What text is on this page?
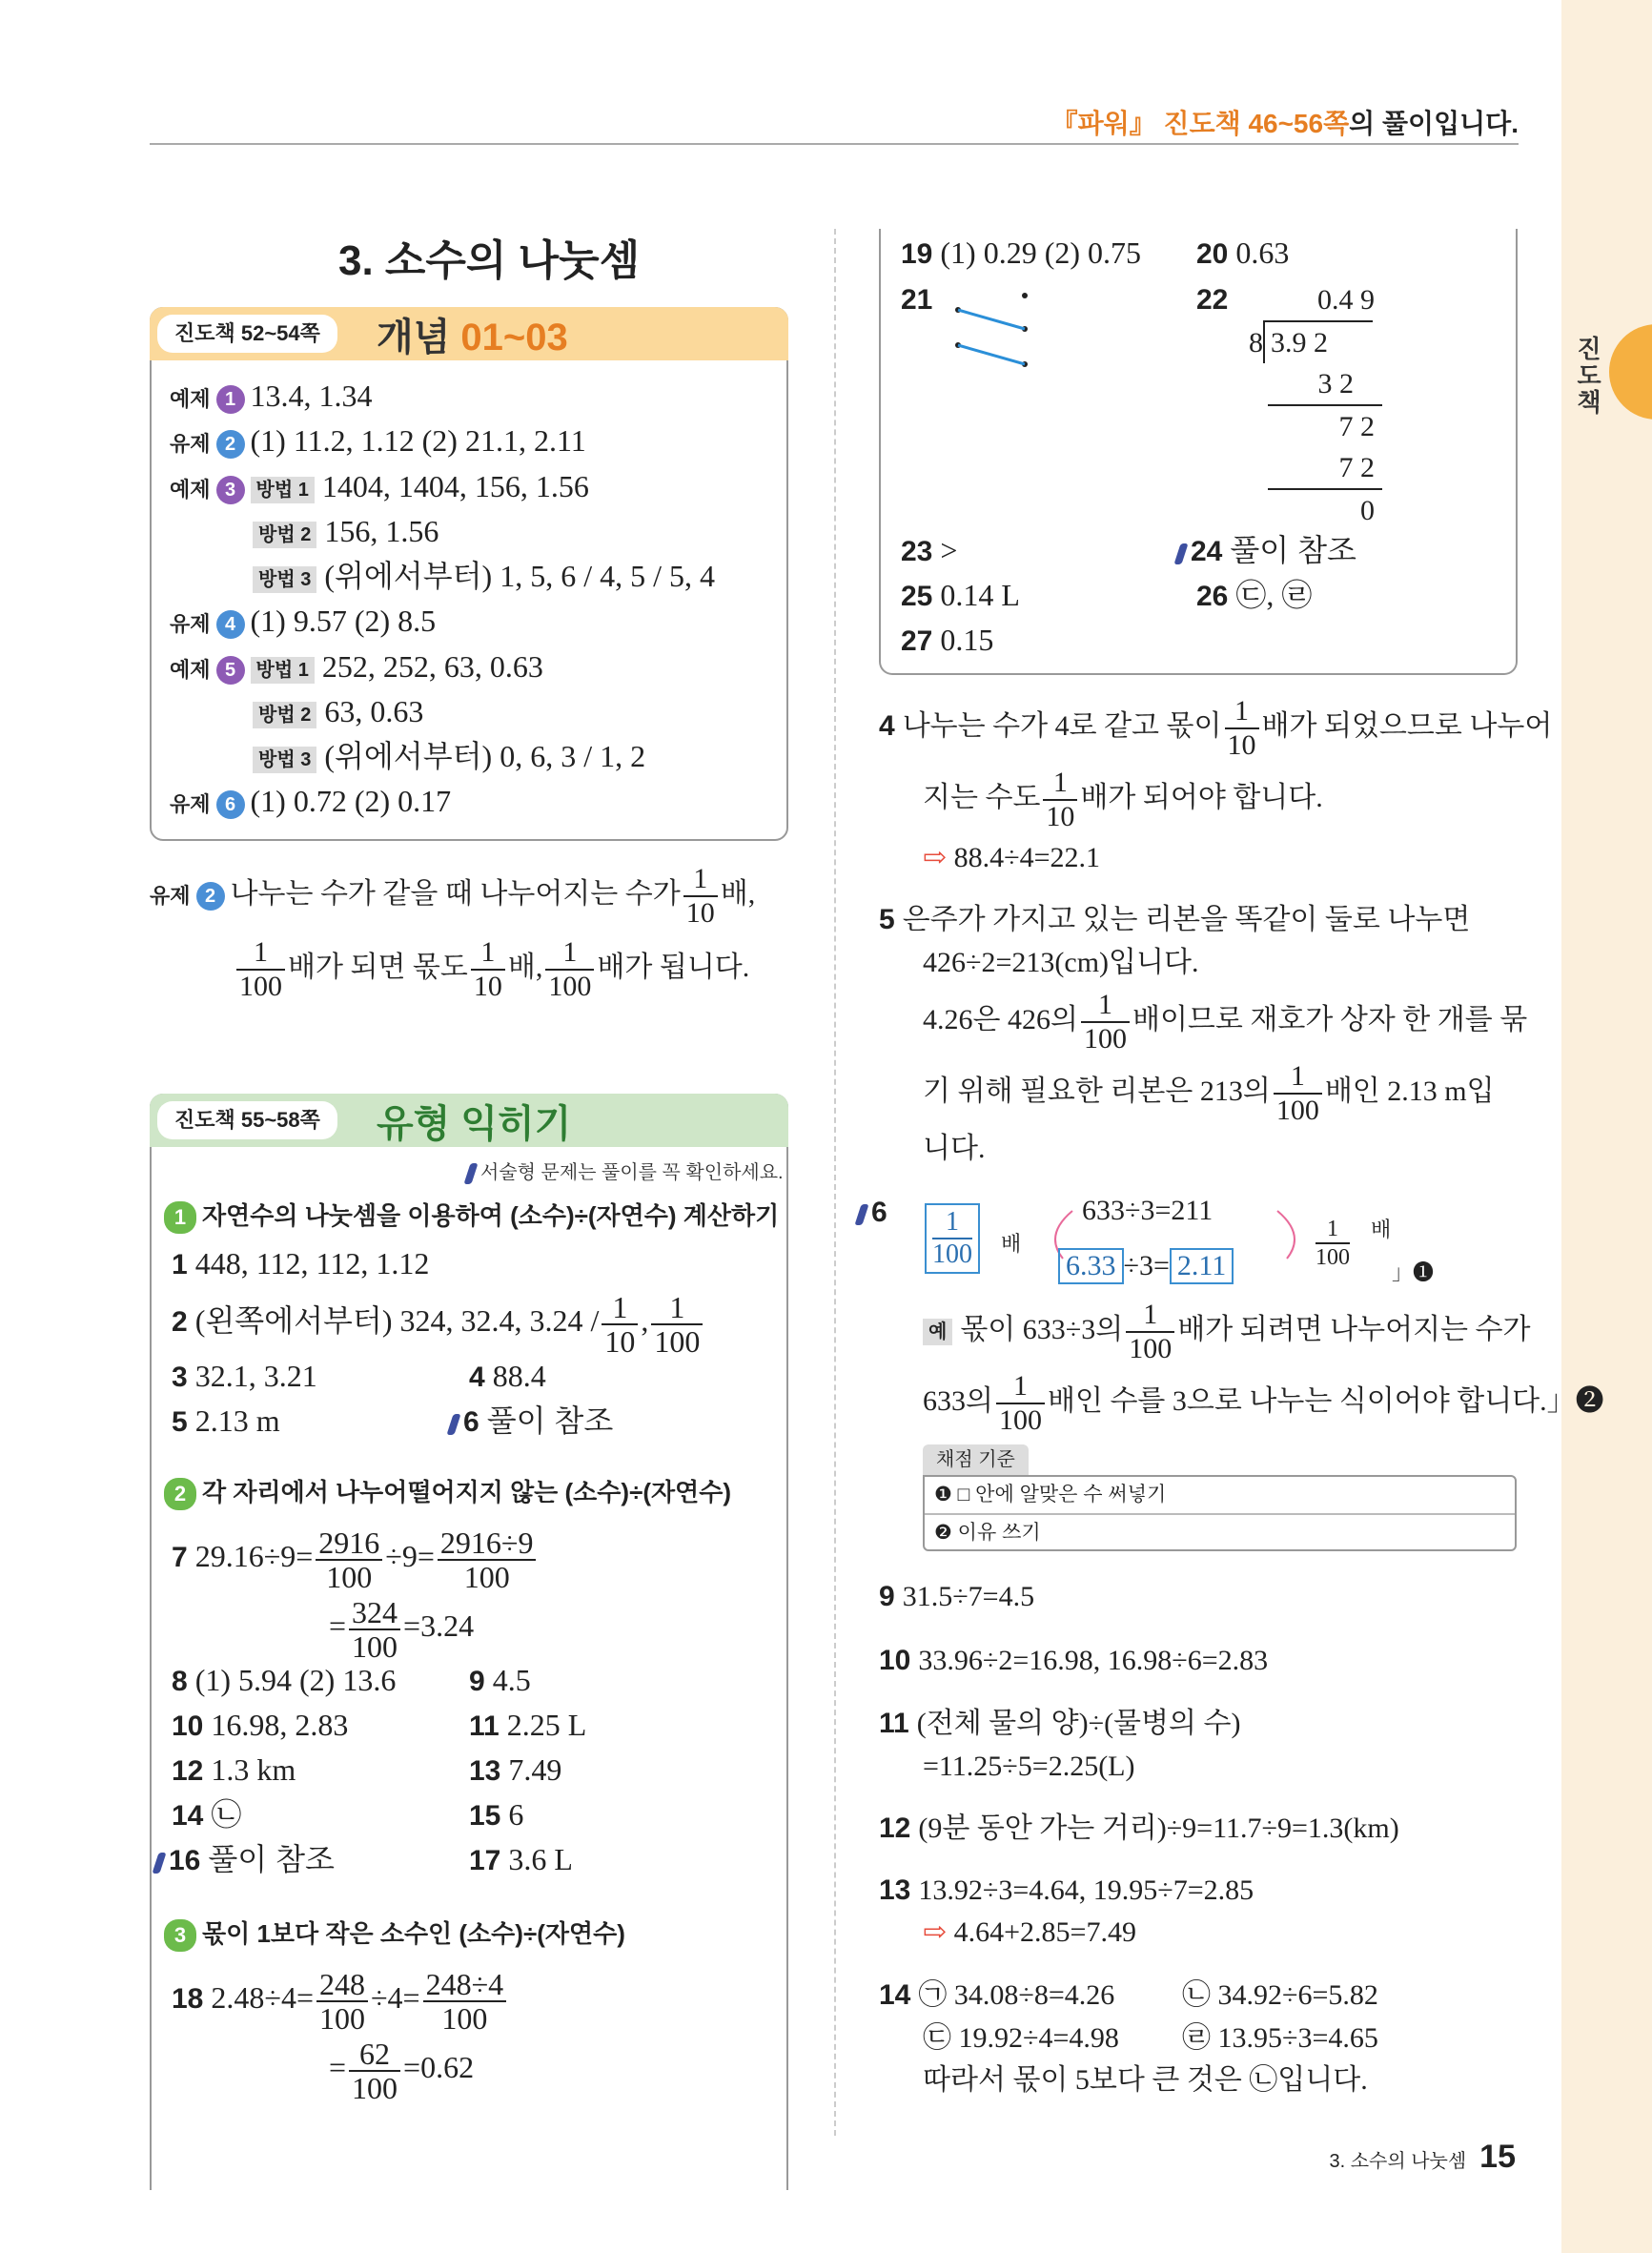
진도책
『파워』 진도책 46~56쪽의 풀이입니다.
3. 소수의 나눗셈
진도책 52~54쪽	개념 01~03
예제 1 13.4, 1.34
유제 2 (1) 11.2, 1.12 (2) 21.1, 2.11
예제 3 방법 1 1404, 1404, 156, 1.56
방법 2 156, 1.56
방법 3 (위에서부터) 1, 5, 6 / 4, 5 / 5, 4
유제 4 (1) 9.57 (2) 8.5
예제 5 방법 1 252, 252, 63, 0.63
방법 2 63, 0.63
방법 3 (위에서부터) 0, 6, 3 / 1, 2
유제 6 (1) 0.72 (2) 0.17
유제 2 나누는 수가 같을 때 나누어지는 수가 $\frac{1}{10}$ 배,
$\frac{1}{100}$ 배가 되면 몫도 $\frac{1}{10}$ 배, $\frac{1}{100}$ 배가 됩니다.
진도책 55~58쪽	유형 익히기
서술형 문제는 풀이를 꼭 확인하세요.
1 자연수의 나눗셈을 이용하여 (소수)÷(자연수) 계산하기
1 448, 112, 112, 1.12
2 (왼쪽에서부터) 324, 32.4, $3.24 / \frac{1}{10}$ , $\frac{1}{100}$
3 32.1, 3.21	4 88.4
5 2.13 m	6 풀이 참조
2 각 자리에서 나누어떨어지지 않는 (소수)÷(자연수)
7 $29.16\div 9= \frac{2916}{100} \div 9= \frac{2916\div 9}{100}$
= $\frac{324}{100} =3.24$
8 (1) 5.94 (2) 13.6	9 4.5
10 16.98, 2.83	11 2.25 L
12 1.3 km	13 7.49
14 ㉡	15 6
16 풀이 참조	17 3.6 L
3 몫이 1보다 작은 소수인 (소수)÷(자연수)
18 $2.48\div 4= \frac{248}{100} \div 4= \frac{248\div 4}{100}$
= $\frac{62}{100} =0.62$
19 (1) 0.29 (2) 0.75 20 0.63
21	22	0.4 9
8 3.9 2
3 2
7 2
7 2
0
23 >	24 풀이 참조
25 0.14 L	26 ㉢, ㉣
27 0.15
4 나누는 수가 4로 같고 몫이 $\frac{1}{10}$ 배가 되었으므로 나누어
지는 수도 $\frac{1}{10}$ 배가 되어야 합니다.
⇨ 88.4÷4=22.1
5 은주가 가지고 있는 리본을 똑같이 둘로 나누면
426÷2=213(cm)입니다.
4.26은 426의 $\frac{1}{100}$ 배이므로 재호가 상자 한 개를 묶
기 위해 필요한 리본은 213의 $\frac{1}{100}$ 배인 2.13 m입
니다.
6	1
100 배
633÷3=211
6.33 ÷3= 2.11
1
100
배
」❶
예 몫이 633÷3의 $\frac{1}{100}$ 배가 되려면 나누어지는 수가
633의 $\frac{1}{100}$ 배인 수를 3으로 나누는 식이어야 합니다.」❷
채점 기준
❶ □ 안에 알맞은 수 써넣기
❷ 이유 쓰기
9 31.5÷7=4.5
10 33.96÷2=16.98, 16.98÷6=2.83
11 (전체 물의 양)÷(물병의 수)
=11.25÷5=2.25(L)
12 (9분 동안 가는 거리)÷9=11.7÷9=1.3(km)
13 13.92÷3=4.64, 19.95÷7=2.85
⇨ 4.64+2.85=7.49
14 ㉠ 34.08÷8=4.26 ㉡ 34.92÷6=5.82
㉢ 19.92÷4=4.98 ㉣ 13.95÷3=4.65
따라서 몫이 5보다 큰 것은 ㉡입니다.
3. 소수의 나눗셈 15
